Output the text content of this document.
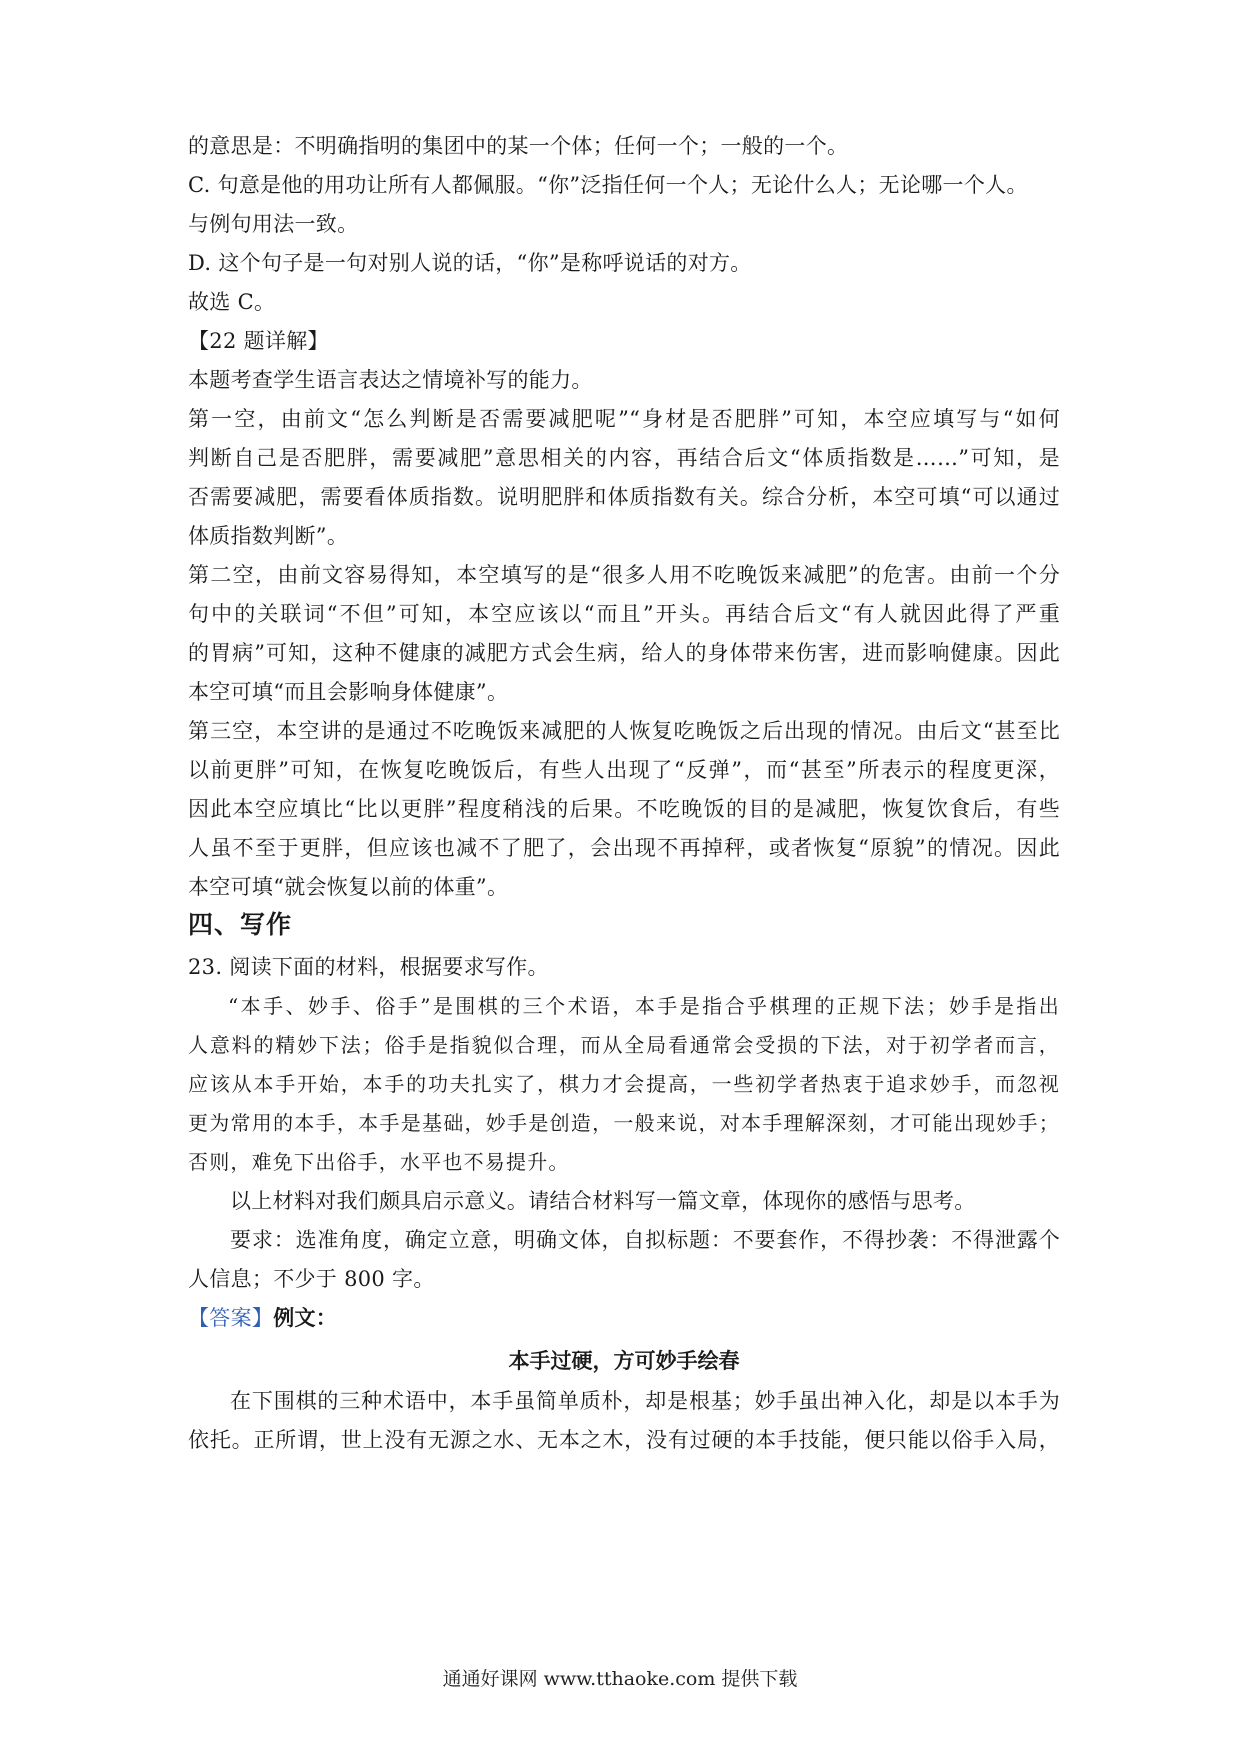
的意思是：不明确指明的集团中的某一个体；任何一个；一般的一个。
C. 句意是他的用功让所有人都佩服。“你”泛指任何一个人；无论什么人；无论哪一个人。
与例句用法一致。
D. 这个句子是一句对别人说的话，“你”是称呼说话的对方。
故选 C。
【22 题详解】
本题考查学生语言表达之情境补写的能力。
第一空，由前文“怎么判断是否需要减肥呢”“身材是否肥胖”可知，本空应填写与“如何
判断自己是否肥胖，需要减肥”意思相关的内容，再结合后文“体质指数是……”可知，是
否需要减肥，需要看体质指数。说明肥胖和体质指数有关。综合分析，本空可填“可以通过
体质指数判断”。
第二空，由前文容易得知，本空填写的是“很多人用不吃晚饭来减肥”的危害。由前一个分
句中的关联词“不但”可知，本空应该以“而且”开头。再结合后文“有人就因此得了严重
的胃病”可知，这种不健康的减肥方式会生病，给人的身体带来伤害，进而影响健康。因此
本空可填“而且会影响身体健康”。
第三空，本空讲的是通过不吃晚饭来减肥的人恢复吃晚饭之后出现的情况。由后文“甚至比
以前更胖”可知，在恢复吃晚饭后，有些人出现了“反弹”，而“甚至”所表示的程度更深，
因此本空应填比“比以更胖”程度稍浅的后果。不吃晚饭的目的是减肥，恢复饮食后，有些
人虽不至于更胖，但应该也减不了肥了，会出现不再掉秤，或者恢复“原貌”的情况。因此
本空可填“就会恢复以前的体重”。
四、写作
23. 阅读下面的材料，根据要求写作。
“本手、妙手、俗手”是围棋的三个术语，本手是指合乎棋理的正规下法；妙手是指出
人意料的精妙下法；俗手是指貌似合理，而从全局看通常会受损的下法，对于初学者而言，
应该从本手开始，本手的功夫扎实了，棋力才会提高，一些初学者热衷于追求妙手，而忽视
更为常用的本手，本手是基础，妙手是创造，一般来说，对本手理解深刻，才可能出现妙手；
否则，难免下出俗手，水平也不易提升。
以上材料对我们颇具启示意义。请结合材料写一篇文章，体现你的感悟与思考。
要求：选准角度，确定立意，明确文体，自拟标题：不要套作，不得抄袭：不得泄露个
人信息；不少于 800 字。
【答案】例文：
本手过硬，方可妙手绘春
在下围棋的三种术语中，本手虽简单质朴，却是根基；妙手虽出神入化，却是以本手为
依托。正所谓，世上没有无源之水、无本之木，没有过硬的本手技能，便只能以俗手入局，
通通好课网 www.tthaoke.com 提供下载
